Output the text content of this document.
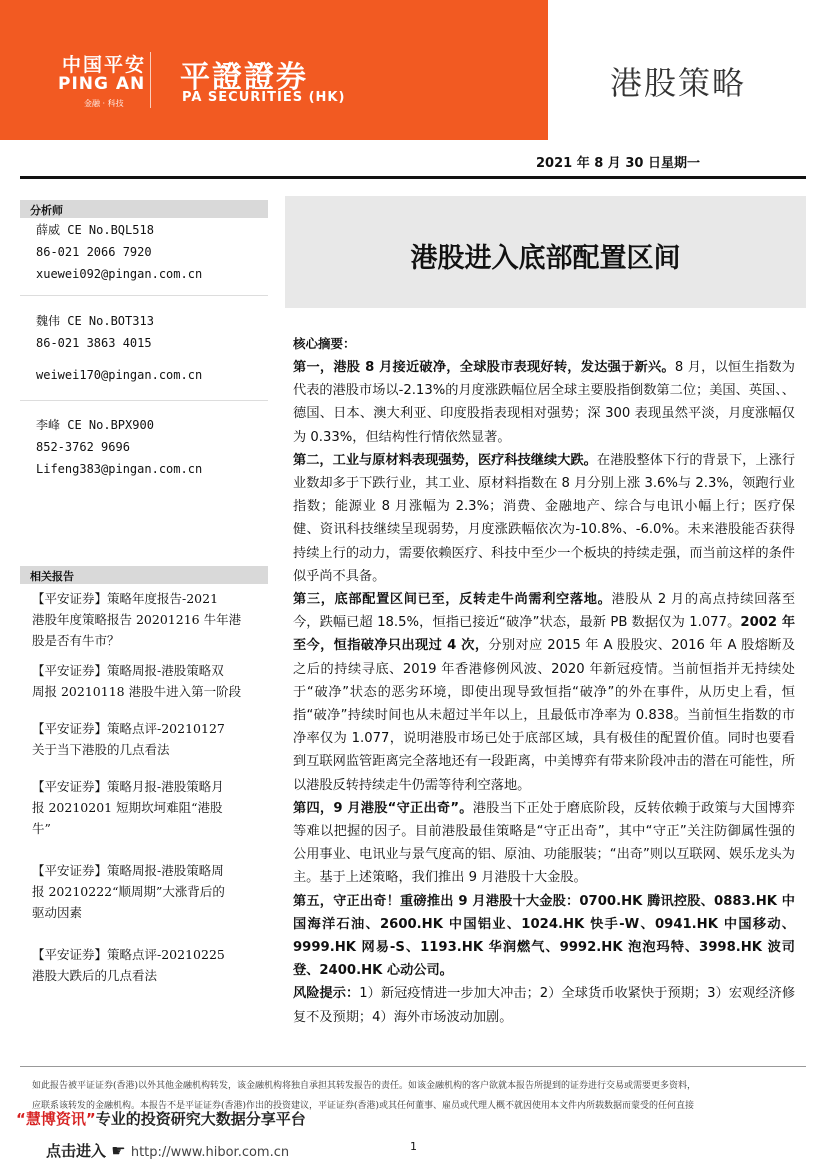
中国平安
PING AN
金融 · 科技
平證證券
PA SECURITIES (HK)	港股策略
2021 年 8 月 30 日星期一
分析师
薛威 CE No.BQL518
86-021 2066 7920
xuewei092@pingan.com.cn
魏伟 CE No.BOT313
86-021 3863 4015
weiwei170@pingan.com.cn
李峰 CE No.BPX900
852-3762 9696
Lifeng383@pingan.com.cn
相关报告
【平安证券】策略年度报告-2021
港股年度策略报告 20201216 牛年港
股是否有牛市？
【平安证券】策略周报-港股策略双
周报 20210118 港股牛进入第一阶段
【平安证券】策略点评-20210127
关于当下港股的几点看法
【平安证券】策略月报-港股策略月
报 20210201 短期坎坷难阻“港股
牛”
【平安证券】策略周报-港股策略周
报 20210222“顺周期”大涨背后的
驱动因素
【平安证券】策略点评-20210225
港股大跌后的几点看法
港股进入底部配置区间
核心摘要：

第一，港股 8 月接近破净，全球股市表现好转，发达强于新兴。8 月，以恒生指数为代表的港股市场以-2.13%的月度涨跌幅位居全球主要股指倒数第二位；美国、英国、、德国、日本、澳大利亚、印度股指表现相对强势；深 300 表现虽然平淡，月度涨幅仅为 0.33%，但结构性行情依然显著。

第二，工业与原材料表现强势，医疗科技继续大跌。在港股整体下行的背景下，上涨行业数却多于下跌行业，其工业、原材料指数在 8 月分别上涨 3.6%与 2.3%，领跑行业指数；能源业 8 月涨幅为 2.3%；消费、金融地产、综合与电讯小幅上行；医疗保健、资讯科技继续呈现弱势，月度涨跌幅依次为-10.8%、-6.0%。未来港股能否获得持续上行的动力，需要依赖医疗、科技中至少一个板块的持续走强，而当前这样的条件似乎尚不具备。

第三，底部配置区间已至，反转走牛尚需利空落地。港股从 2 月的高点持续回落至今，跌幅已超 18.5%，恒指已接近“破净”状态，最新 PB 数据仅为 1.077。2002 年至今，恒指破净只出现过 4 次，分别对应 2015 年 A 股股灾、2016 年 A 股熔断及之后的持续寻底、2019 年香港修例风波、2020 年新冠疫情。当前恒指并无持续处于“破净”状态的恶劣环境，即使出现导致恒指“破净”的外在事件，从历史上看，恒指“破净”持续时间也从未超过半年以上，且最低市净率为 0.838。当前恒生指数的市净率仅为 1.077，说明港股市场已处于底部区域，具有极佳的配置价值。同时也要看到互联网监管距离完全落地还有一段距离，中美博弈有带来阶段冲击的潜在可能性，所以港股反转持续走牛仍需等待利空落地。

第四，9 月港股“守正出奇”。港股当下正处于磨底阶段，反转依赖于政策与大国博弈等难以把握的因子。目前港股最佳策略是“守正出奇”，其中“守正”关注防御属性强的公用事业、电讯业与景气度高的铝、原油、功能服装；“出奇”则以互联网、娱乐龙头为主。基于上述策略，我们推出 9 月港股十大金股。

第五，守正出奇！重磅推出 9 月港股十大金股：0700.HK 腾讯控股、0883.HK 中国海洋石油、2600.HK 中国铝业、1024.HK 快手-W、0941.HK 中国移动、9999.HK 网易-S、1193.HK 华润燃气、9992.HK 泡泡玛特、3998.HK 波司登、2400.HK 心动公司。

风险提示：1）新冠疫情进一步加大冲击；2）全球货币收紧快于预期；3）宏观经济修复不及预期；4）海外市场波动加剧。

如此报告被平证证券(香港)以外其他金融机构转发，该金融机构将独自承担其转发报告的责任。如该金融机构的客户欲就本报告所提到的证券进行交易或需要更多资料，
应联系该转发的金融机构。本报告不是平证证券(香港)作出的投资建议，平证证券(香港)或其任何董事、雇员或代理人概不就因使用本文件内所载数据而蒙受的任何直接
“慧博资讯”专业的投资研究大数据分享平台
点击进入 ☛ http://www.hibor.com.cn	1
